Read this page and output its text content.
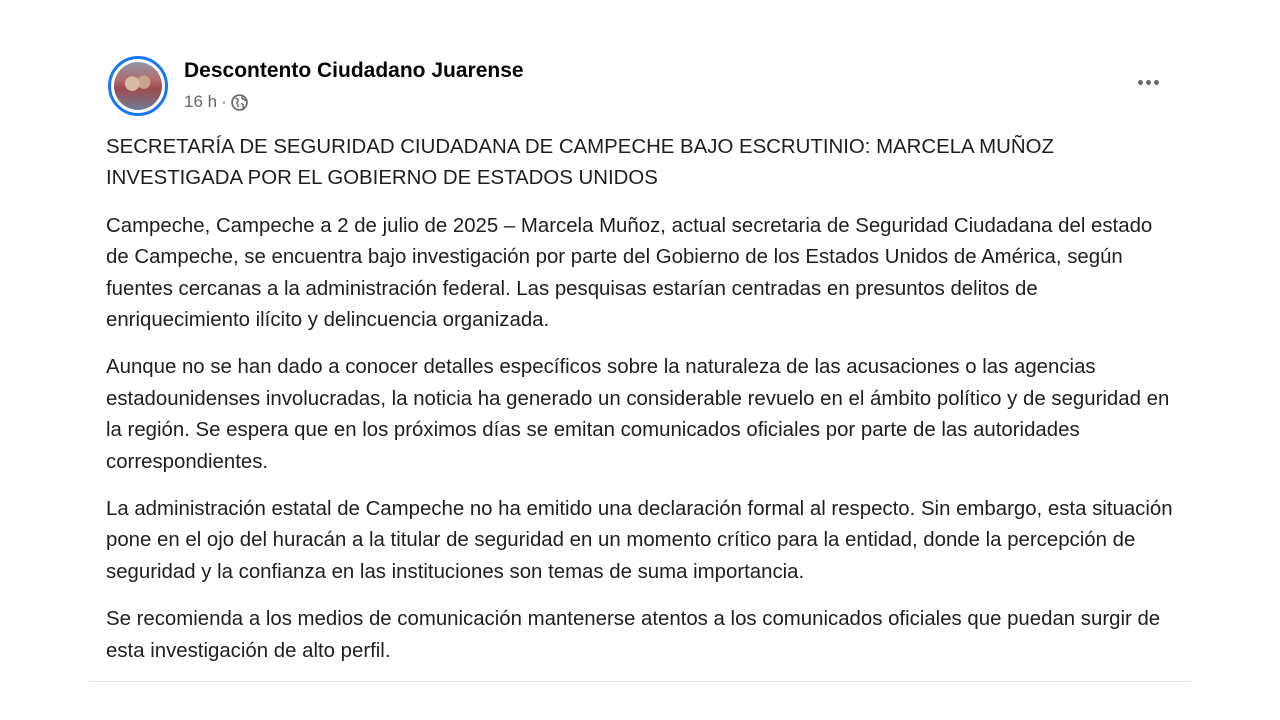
Descontento Ciudadano Juarense
16 h ·

SECRETARÍA DE SEGURIDAD CIUDADANA DE CAMPECHE BAJO ESCRUTINIO: MARCELA MUÑOZ INVESTIGADA POR EL GOBIERNO DE ESTADOS UNIDOS

Campeche, Campeche a 2 de julio de 2025 – Marcela Muñoz, actual secretaria de Seguridad Ciudadana del estado de Campeche, se encuentra bajo investigación por parte del Gobierno de los Estados Unidos de América, según fuentes cercanas a la administración federal. Las pesquisas estarían centradas en presuntos delitos de enriquecimiento ilícito y delincuencia organizada.

Aunque no se han dado a conocer detalles específicos sobre la naturaleza de las acusaciones o las agencias estadounidenses involucradas, la noticia ha generado un considerable revuelo en el ámbito político y de seguridad en la región. Se espera que en los próximos días se emitan comunicados oficiales por parte de las autoridades correspondientes.

La administración estatal de Campeche no ha emitido una declaración formal al respecto. Sin embargo, esta situación pone en el ojo del huracán a la titular de seguridad en un momento crítico para la entidad, donde la percepción de seguridad y la confianza en las instituciones son temas de suma importancia.

Se recomienda a los medios de comunicación mantenerse atentos a los comunicados oficiales que puedan surgir de esta investigación de alto perfil.
